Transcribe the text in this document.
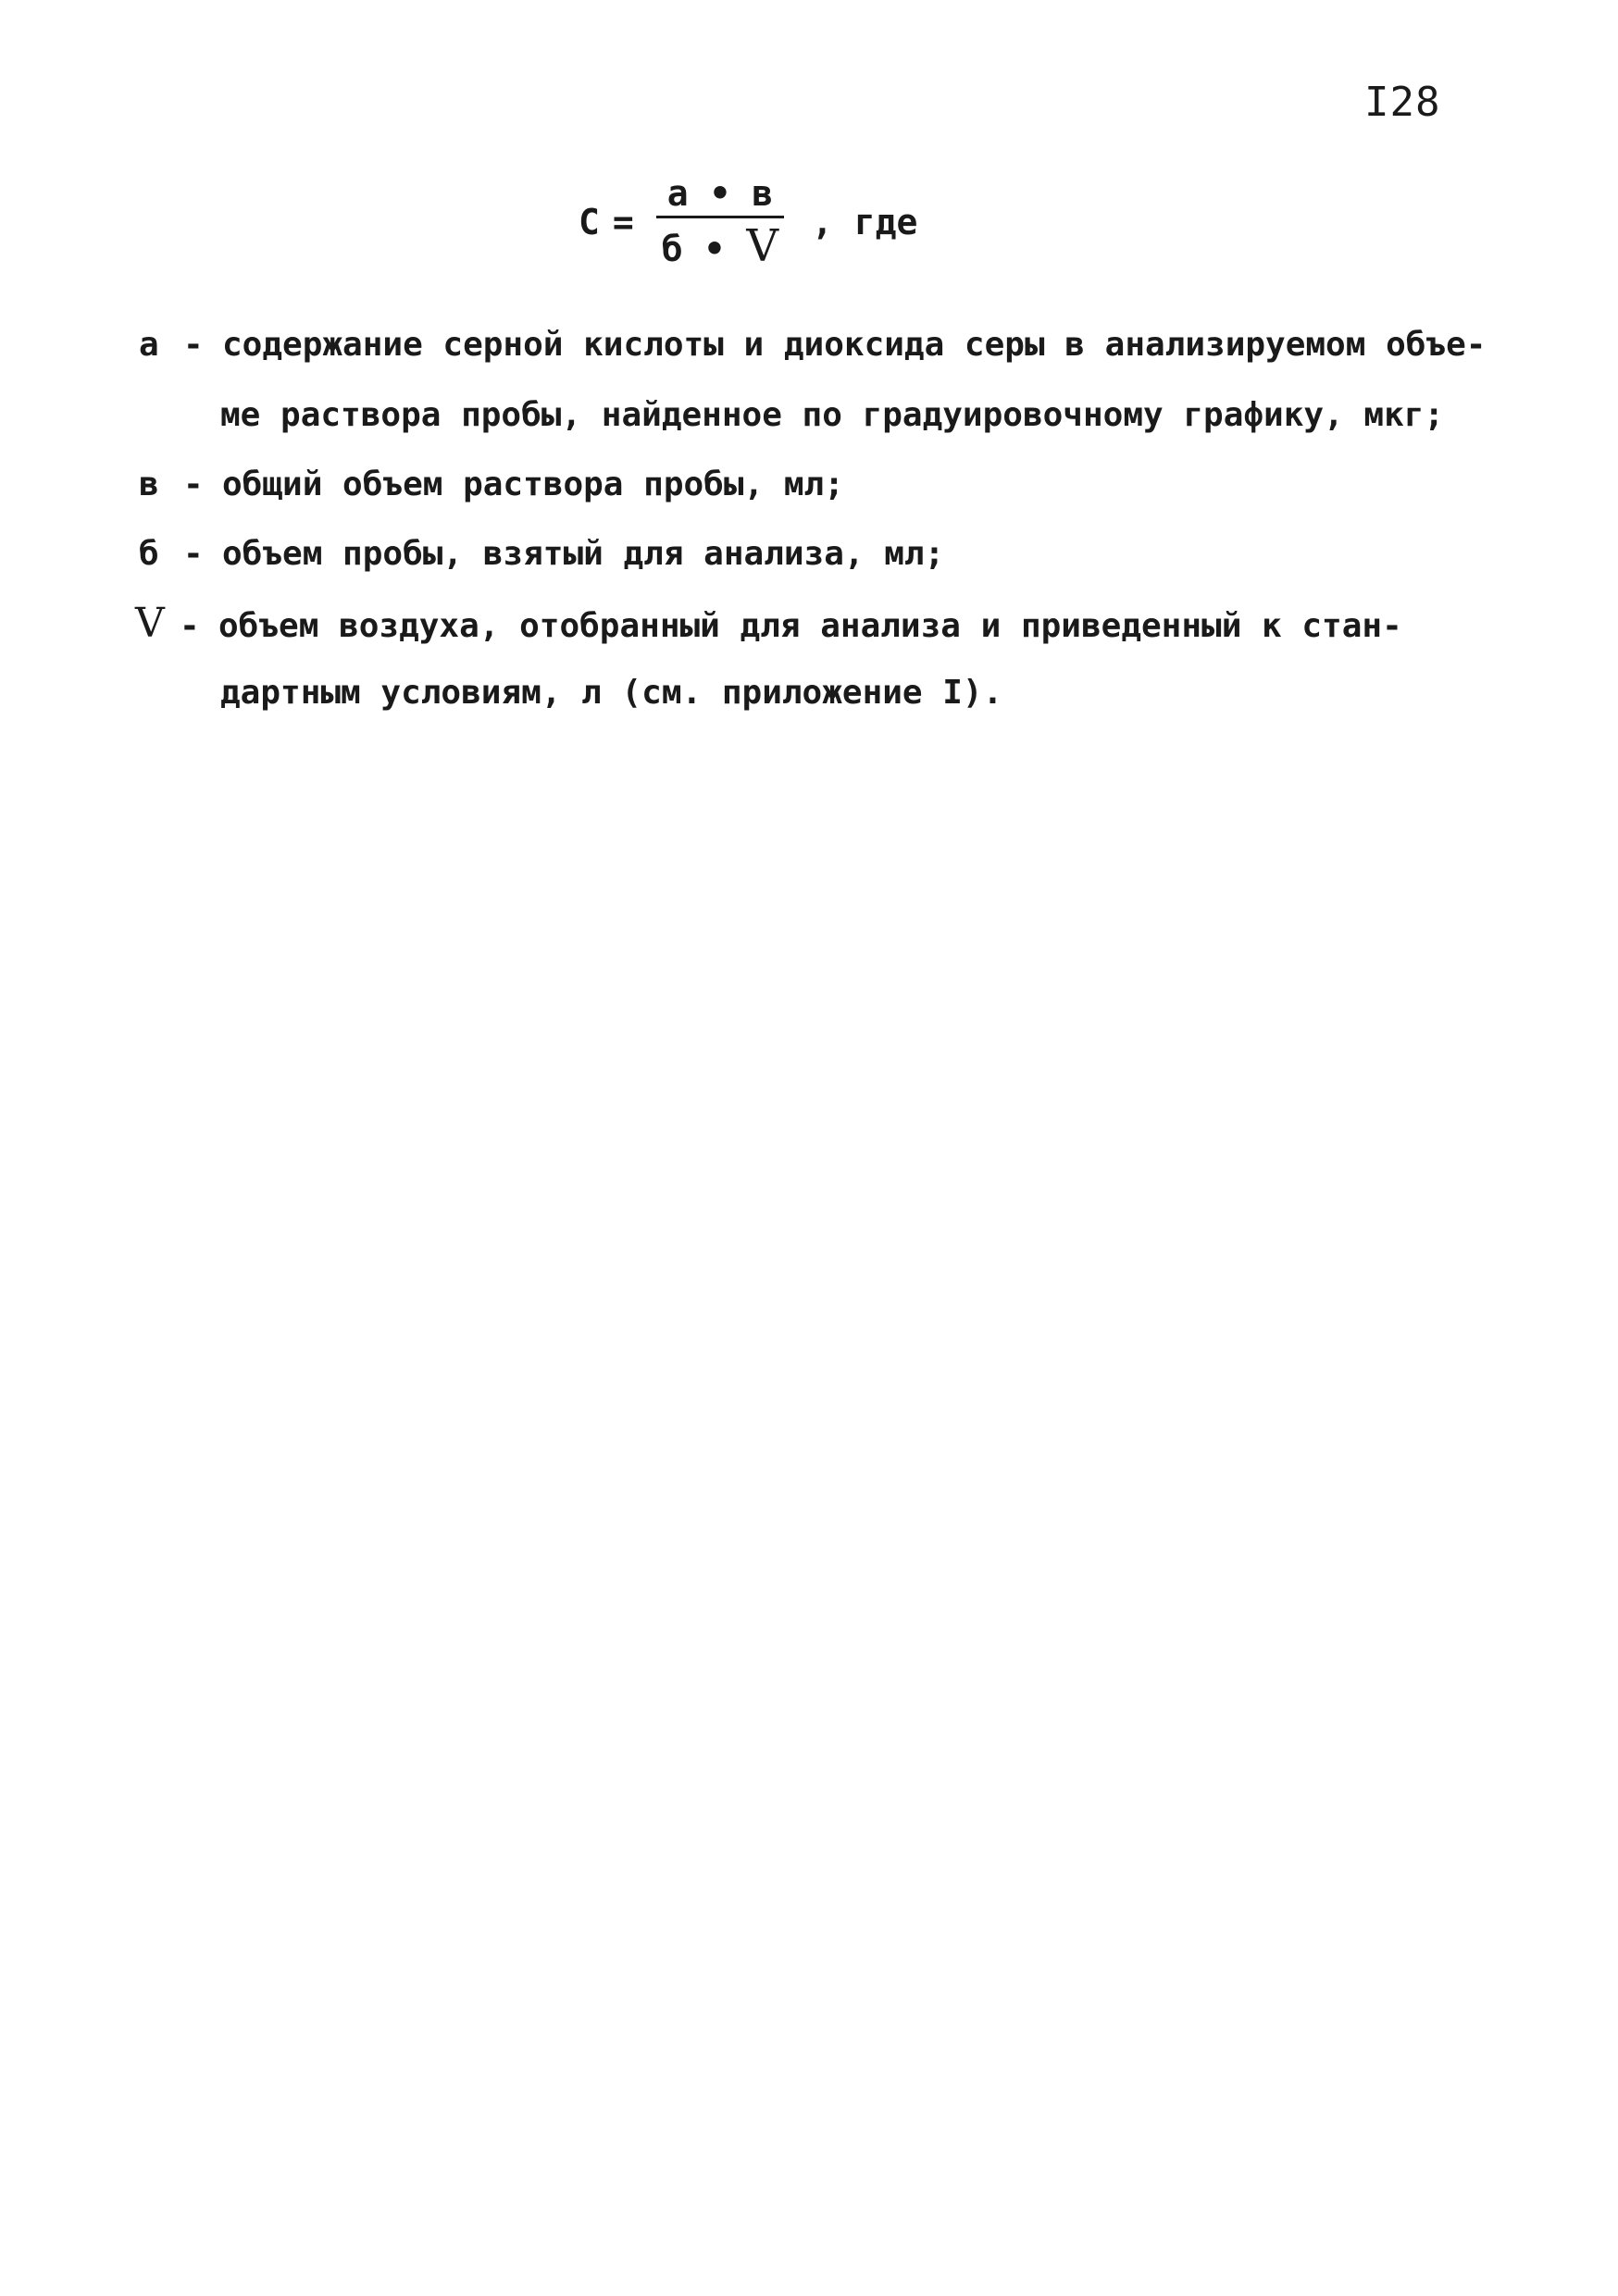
I28
$C = \frac{a • в}{б • V}$ , где
а - содержание серной кислоты и диоксида серы в анализируемом объе-
ме раствора пробы, найденное по градуировочному графику, мкг;
в - общий объем раствора пробы, мл;
б - объем пробы, взятый для анализа, мл;
V - объем воздуха, отобранный для анализа и приведенный к стан-
дартным условиям, л (см. приложение I).
